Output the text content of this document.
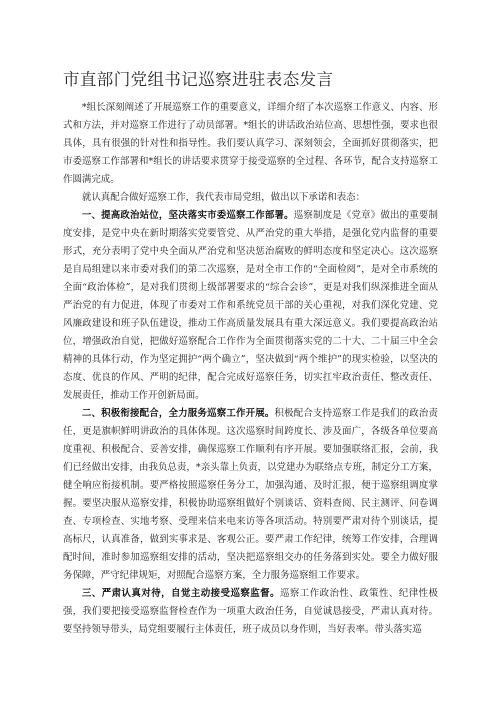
市直部门党组书记巡察进驻表态发言

*组长深刻阐述了开展巡察工作的重要意义，详细介绍了本次巡察工作意义、内容、形式和方法，并对巡察工作进行了动员部署。*组长的讲话政治站位高、思想性强，要求也很具体，具有很强的针对性和指导性。我们要认真学习、深刻领会，全面抓好贯彻落实，把市委巡察工作部署和*组长的讲话要求贯穿于接受巡察的全过程、各环节，配合支持巡察工作圆满完成。

就认真配合做好巡察工作，我代表市局党组，做出以下承诺和表态：

一、提高政治站位，坚决落实市委巡察工作部署。巡察制度是《党章》做出的重要制度安排，是党中央在新时期落实党要管党、从严治党的重大举措，是强化党内监督的重要形式，充分表明了党中央全面从严治党和坚决惩治腐败的鲜明态度和坚定决心。这次巡察是自局组建以来市委对我们的第二次巡察，是对全市工作的“全面检阅”，是对全市系统的全面“政治体检”，是对我们贯彻上级部署要求的“综合会诊”，更是对我们纵深推进全面从严治党的有力促进，体现了市委对工作和系统党员干部的关心重视，对我们深化党建、党风廉政建设和班子队伍建设，推动工作高质量发展具有重大深远意义。我们要提高政治站位，增强政治自觉，把做好巡察配合工作作为全面贯彻落实党的二十大、二十届三中全会精神的具体行动，作为坚定拥护“两个确立”，坚决做到“两个维护”的现实检验，以坚决的态度、优良的作风、严明的纪律，配合完成好巡察任务，切实扛牢政治责任、整改责任、发展责任，推动工作开创新局面。

二、积极衔接配合，全力服务巡察工作开展。积极配合支持巡察工作是我们的政治责任，更是旗帜鲜明讲政治的具体体现。这次巡察时间跨度长、涉及面广，各级各单位要高度重视、积极配合、妥善安排，确保巡察工作顺利有序开展。要加强联络汇报，会前，我们已经做出安排，由我负总责，*亲头靠上负责，以党建办为联络点专班，制定分工方案，健全响应衔接机制。要严格按照巡察任务分工，加强沟通、及时汇报，便于巡察组调度掌握。要坚决服从巡察安排，积极协助巡察组做好个别谈话、资料查阅、民主测评、问卷调查、专项检查、实地考察、受理来信来电来访等各项活动。特别要严肃对待个别谈话，提高标尺，认真准备，做到实事求是、客观公正。要严肃工作纪律，统筹工作安排，合理调配时间，准时参加巡察组安排的活动，坚决把巡察组交办的任务落到实处。要全力做好服务保障，严守纪律规矩，对照配合巡察方案，全力服务巡察组工作要求。

三、严肃认真对待，自觉主动接受巡察监督。巡察工作政治性、政策性、纪律性极强，我们要把接受巡察监督检查作为一项重大政治任务，自觉诚恳接受，严肃认真对待。要坚持领导带头，局党组要履行主体责任，班子成员以身作则，当好表率。带头落实巡
